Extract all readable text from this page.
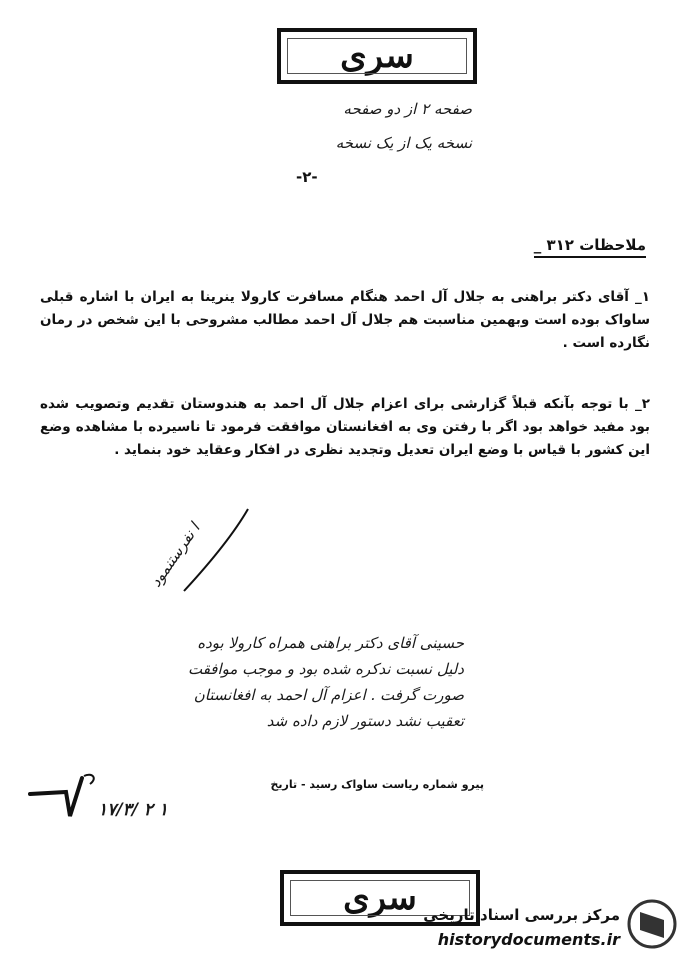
سری
صفحه ۲ از دو صفحه
نسخه یک از یک نسخه
-۲-
ملاحظات ۳۱۲ _
۱_ آقای دکتر براهنی به جلال آل احمد هنگام مسافرت کارولا ینرینا به ایران با اشاره قبلی ساواک بوده است وبهمین مناسبت هم جلال آل احمد مطالب مشروحی با این شخص در رمان نگارده است .
۲_ با توجه بآنکه قبلاً گزارشی برای اعزام جلال آل احمد به هندوستان تقدیم وتصویب شده بود مفید خواهد بود اگر با رفتن وی به افغانستان موافقت فرمود تا ناسیرده با مشاهده وضع این کشور با قیاس با وضع ایران تعدیل وتجدید نظری در افکار وعقاید خود بنماید .
ا نفرستنمود
حسینی آقای دکتر براهنی همراه کارولا بوده
دلیل نسبت ندکره شده بود و موجب موافقت
صورت گرفت . اعزام آل احمد به افغانستان
تعقیب نشد دستور لازم داده شد
۱۷/۳/ ۲ ۱
پیرو شماره ریاست ساواک رسید - تاریخ
سری مرکز بررسی اسناد تاریخی
historydocuments.ir
